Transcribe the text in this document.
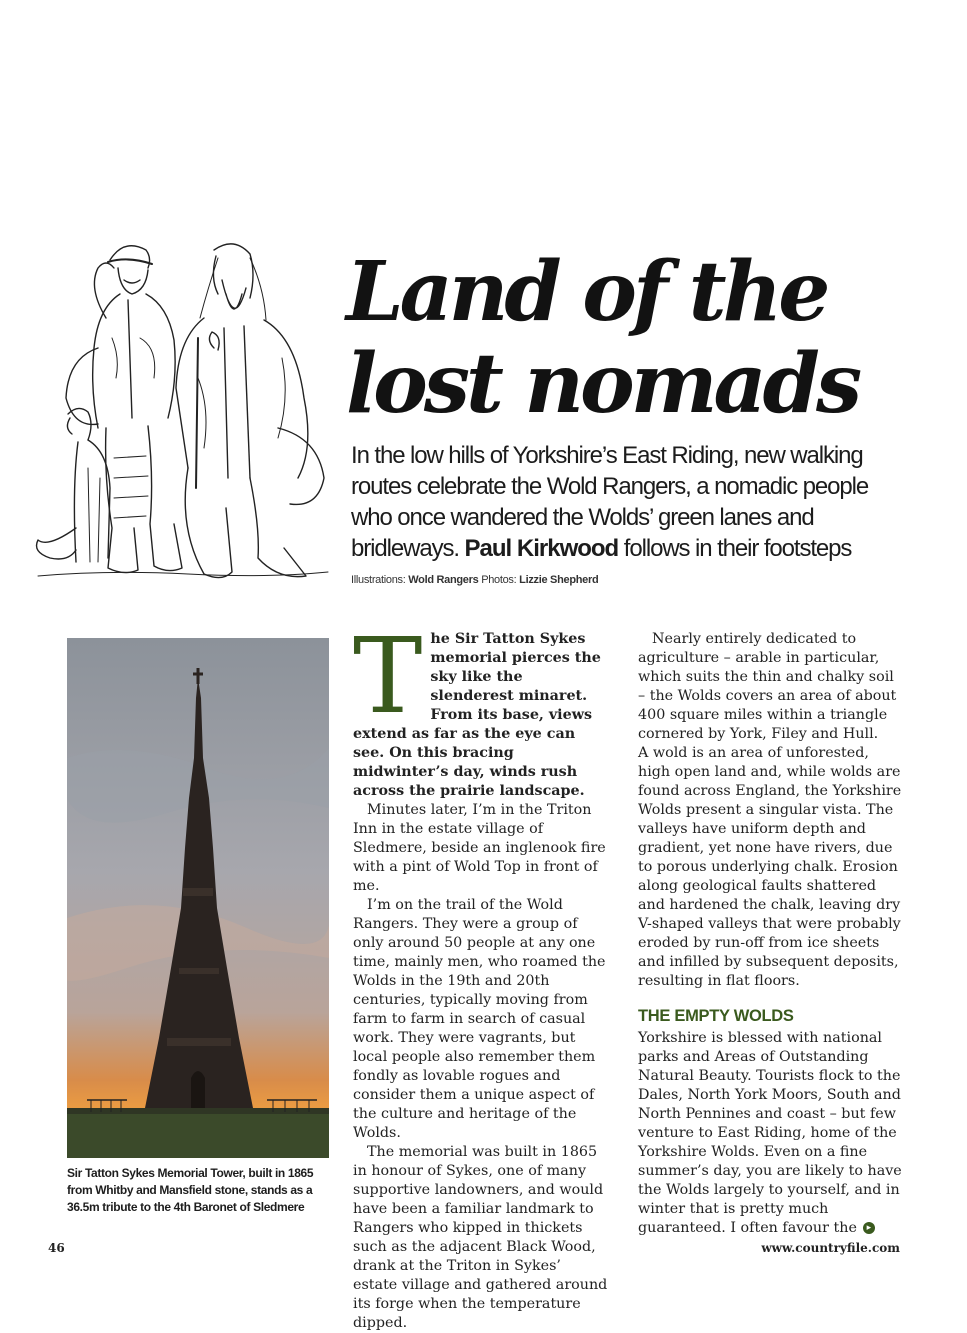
Land of the
lost nomads

In the low hills of Yorkshire’s East Riding, new walking routes celebrate the Wold Rangers, a nomadic people who once wandered the Wolds’ green lanes and bridleways. Paul Kirkwood follows in their footsteps

Illustrations: Wold Rangers Photos: Lizzie Shepherd

Sir Tatton Sykes Memorial Tower, built in 1865 from Whitby and Mansfield stone, stands as a 36.5m tribute to the 4th Baronet of Sledmere

The Sir Tatton Sykes memorial pierces the sky like the slenderest minaret. From its base, views extend as far as the eye can see. On this bracing midwinter’s day, winds rush across the prairie landscape.

Minutes later, I’m in the Triton Inn in the estate village of Sledmere, beside an inglenook fire with a pint of Wold Top in front of me.

I’m on the trail of the Wold Rangers. They were a group of only around 50 people at any one time, mainly men, who roamed the Wolds in the 19th and 20th centuries, typically moving from farm to farm in search of casual work. They were vagrants, but local people also remember them fondly as lovable rogues and consider them a unique aspect of the culture and heritage of the Wolds.

The memorial was built in 1865 in honour of Sykes, one of many supportive landowners, and would have been a familiar landmark to Rangers who kipped in thickets such as the adjacent Black Wood, drank at the Triton in Sykes’ estate village and gathered around its forge when the temperature dipped.

Nearly entirely dedicated to agriculture – arable in particular, which suits the thin and chalky soil – the Wolds covers an area of about 400 square miles within a triangle cornered by York, Filey and Hull.

A wold is an area of unforested, high open land and, while wolds are found across England, the Yorkshire Wolds present a singular vista. The valleys have uniform depth and gradient, yet none have rivers, due to porous underlying chalk. Erosion along geological faults shattered and hardened the chalk, leaving dry V-shaped valleys that were probably eroded by run-off from ice sheets and infilled by subsequent deposits, resulting in flat floors.

THE EMPTY WOLDS

Yorkshire is blessed with national parks and Areas of Outstanding Natural Beauty. Tourists flock to the Dales, North York Moors, South and North Pennines and coast – but few venture to East Riding, home of the Yorkshire Wolds. Even on a fine summer’s day, you are likely to have the Wolds largely to yourself, and in winter that is pretty much guaranteed. I often favour the ▸

46	www.countryfile.com
